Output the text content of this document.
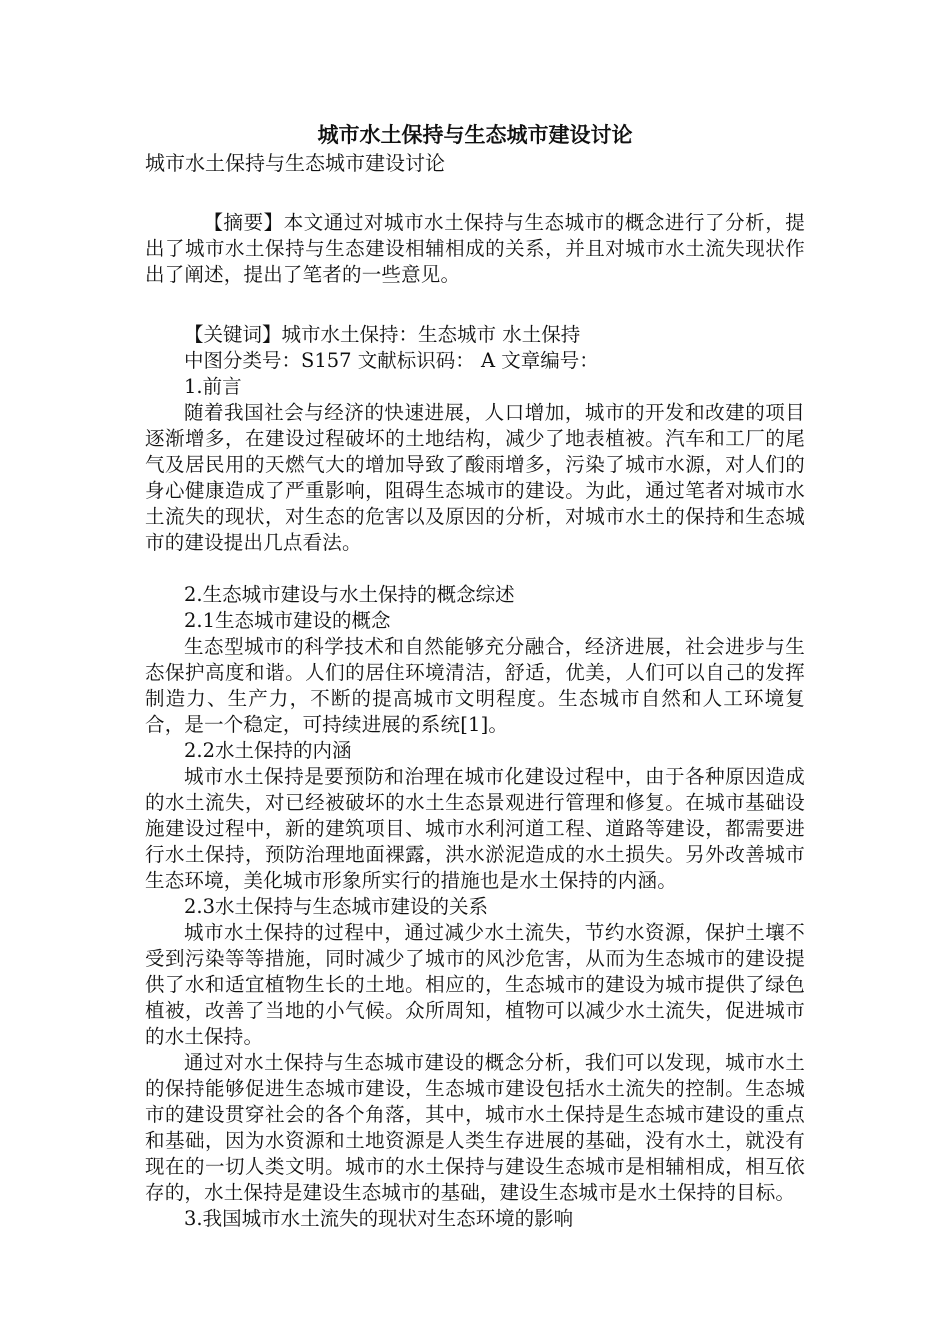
城市水土保持与生态城市建设讨论

城市水土保持与生态城市建设讨论

【摘要】本文通过对城市水土保持与生态城市的概念进行了分析，提出了城市水土保持与生态建设相辅相成的关系，并且对城市水土流失现状作出了阐述，提出了笔者的一些意见。

【关键词】城市水土保持：生态城市 水土保持

中图分类号：S157 文献标识码： A 文章编号：

1.前言

随着我国社会与经济的快速进展，人口增加，城市的开发和改建的项目逐渐增多，在建设过程破坏的土地结构，减少了地表植被。汽车和工厂的尾气及居民用的天燃气大的增加导致了酸雨增多，污染了城市水源，对人们的身心健康造成了严重影响，阻碍生态城市的建设。为此，通过笔者对城市水土流失的现状，对生态的危害以及原因的分析，对城市水土的保持和生态城市的建设提出几点看法。

2.生态城市建设与水土保持的概念综述

2.1生态城市建设的概念

生态型城市的科学技术和自然能够充分融合，经济进展，社会进步与生态保护高度和谐。人们的居住环境清洁，舒适，优美，人们可以自己的发挥制造力、生产力，不断的提高城市文明程度。生态城市自然和人工环境复合，是一个稳定，可持续进展的系统[1]。

2.2水土保持的内涵

城市水土保持是要预防和治理在城市化建设过程中，由于各种原因造成的水土流失，对已经被破坏的水土生态景观进行管理和修复。在城市基础设施建设过程中，新的建筑项目、城市水利河道工程、道路等建设，都需要进行水土保持，预防治理地面裸露，洪水淤泥造成的水土损失。另外改善城市生态环境，美化城市形象所实行的措施也是水土保持的内涵。

2.3水土保持与生态城市建设的关系

城市水土保持的过程中，通过减少水土流失，节约水资源，保护土壤不受到污染等等措施，同时减少了城市的风沙危害，从而为生态城市的建设提供了水和适宜植物生长的土地。相应的，生态城市的建设为城市提供了绿色植被，改善了当地的小气候。众所周知，植物可以减少水土流失，促进城市的水土保持。

通过对水土保持与生态城市建设的概念分析，我们可以发现，城市水土的保持能够促进生态城市建设，生态城市建设包括水土流失的控制。生态城市的建设贯穿社会的各个角落，其中，城市水土保持是生态城市建设的重点和基础，因为水资源和土地资源是人类生存进展的基础，没有水土，就没有现在的一切人类文明。城市的水土保持与建设生态城市是相辅相成，相互依存的，水土保持是建设生态城市的基础，建设生态城市是水土保持的目标。

3.我国城市水土流失的现状对生态环境的影响
